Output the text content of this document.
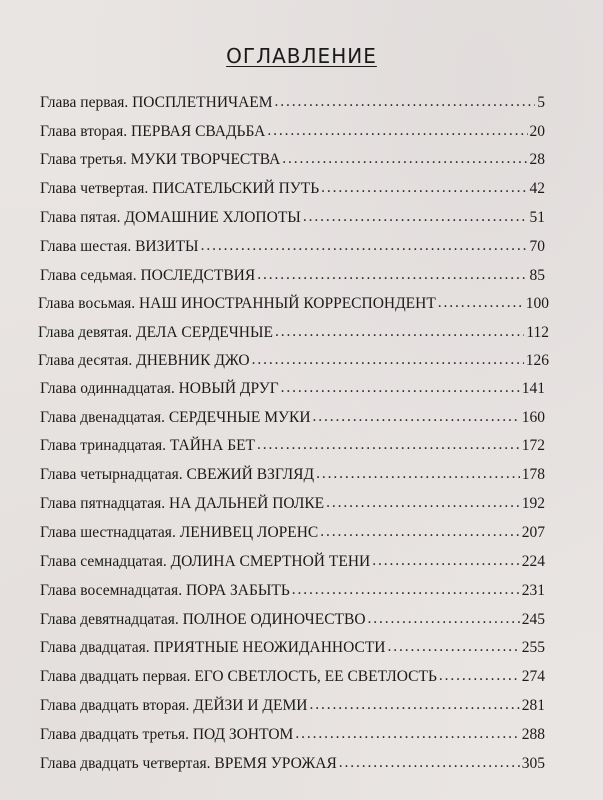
ОГЛАВЛЕНИЕ
Глава первая. ПОСПЛЕТНИЧАЕМ . . .	5
Глава вторая. ПЕРВАЯ СВАДЬБА . . .	20
Глава третья. МУКИ ТВОРЧЕСТВА . . .	28
Глава четвертая. ПИСАТЕЛЬСКИЙ ПУТЬ . . .	42
Глава пятая. ДОМАШНИЕ ХЛОПОТЫ . . .	51
Глава шестая. ВИЗИТЫ . . .	70
Глава седьмая. ПОСЛЕДСТВИЯ . . .	85
Глава восьмая. НАШ ИНОСТРАННЫЙ КОРРЕСПОНДЕНТ . . .	100
Глава девятая. ДЕЛА СЕРДЕЧНЫЕ . . .	112
Глава десятая. ДНЕВНИК ДЖО . . .	126
Глава одиннадцатая. НОВЫЙ ДРУГ . . .	141
Глава двенадцатая. СЕРДЕЧНЫЕ МУКИ . . .	160
Глава тринадцатая. ТАЙНА БЕТ . . .	172
Глава четырнадцатая. СВЕЖИЙ ВЗГЛЯД . . .	178
Глава пятнадцатая. НА ДАЛЬНЕЙ ПОЛКЕ . . .	192
Глава шестнадцатая. ЛЕНИВЕЦ ЛОРЕНС . . .	207
Глава семнадцатая. ДОЛИНА СМЕРТНОЙ ТЕНИ . . .	224
Глава восемнадцатая. ПОРА ЗАБЫТЬ . . .	231
Глава девятнадцатая. ПОЛНОЕ ОДИНОЧЕСТВО . . .	245
Глава двадцатая. ПРИЯТНЫЕ НЕОЖИДАННОСТИ . . .	255
Глава двадцать первая. ЕГО СВЕТЛОСТЬ, ЕЕ СВЕТЛОСТЬ . . .	274
Глава двадцать вторая. ДЕЙЗИ И ДЕМИ . . .	281
Глава двадцать третья. ПОД ЗОНТОМ . . .	288
Глава двадцать четвертая. ВРЕМЯ УРОЖАЯ . . .	305
